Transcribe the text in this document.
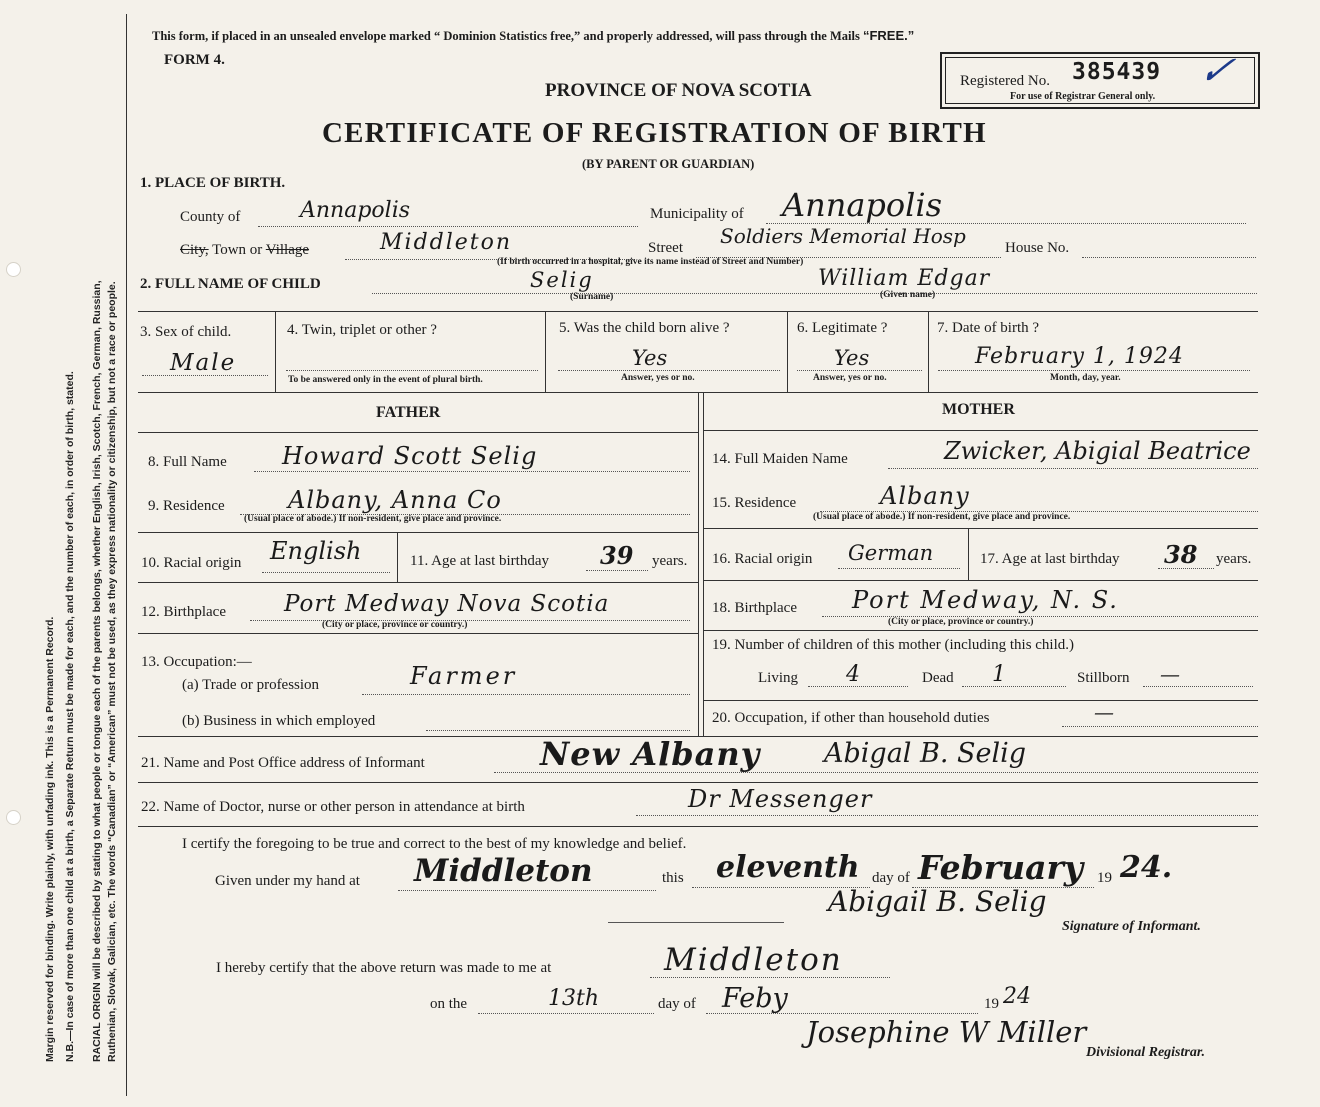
Margin reserved for binding. Write plainly, with unfading ink. This is a Permanent Record. N.B.—In case of more than one child at a birth, a Separate Return must be made for each, and the number of each, in order of birth, stated. RACIAL ORIGIN will be described by stating to what people or tongue each of the parents belongs, whether English, Irish, Scotch, French, German, Russian, Ruthenian, Slovak, Galician, etc. The words “Canadian” or “American” must not be used, as they express nationality or citizenship, but not a race or people.
This form, if placed in an unsealed envelope marked “ Dominion Statistics free,” and properly addressed, will pass through the Mails “FREE.”
FORM 4.
PROVINCE OF NOVA SCOTIA
CERTIFICATE OF REGISTRATION OF BIRTH
(BY PARENT OR GUARDIAN)
Registered No. 385439
For use of Registrar General only.
✓
1. PLACE OF BIRTH.
County of	Annapolis	Municipality of Annapolis
City, Town or Village	Middleton	Street Soldiers Memorial Hosp	House No.
(If birth occurred in a hospital, give its name instead of Street and Number)
2. FULL NAME OF CHILD	Selig
(Surname)
William Edgar
(Given name)
3. Sex of child.
Male
4. Twin, triplet or other ?
To be answered only in the event of plural birth.
5. Was the child born alive ?
Yes
Answer, yes or no.
6. Legitimate ?
Yes
Answer, yes or no.
7. Date of birth ?
February 1, 1924
Month, day, year.
FATHER	MOTHER
8. Full Name Howard Scott Selig	14. Full Maiden Name	Zwicker, Abigial Beatrice
9. Residence	Albany, Anna Co
(Usual place of abode.) If non-resident, give place and province.
15. Residence	Albany
(Usual place of abode.) If non-resident, give place and province.
10. Racial origin English	11. Age at last birthday 39 years. 16. Racial origin German	17. Age at last birthday 38 years.
12. Birthplace	Port Medway Nova Scotia
(City or place, province or country.)
18. Birthplace Port Medway, N. S.
(City or place, province or country.)
13. Occupation:—
(a) Trade or profession	Farmer
(b) Business in which employed
19. Number of children of this mother (including this child.)
Living 4	Dead 1	Stillborn —
20. Occupation, if other than household duties	—
21. Name and Post Office address of Informant	New Albany Abigal B. Selig
22. Name of Doctor, nurse or other person in attendance at birth	Dr Messenger
I certify the foregoing to be true and correct to the best of my knowledge and belief.
Given under my hand at Middleton	this eleventh day of February 19 24.
Abigail B. Selig
Signature of Informant.
I hereby certify that the above return was made to me at	Middleton
on the	13th	day of Feby	19 24
Josephine W Miller
Divisional Registrar.
